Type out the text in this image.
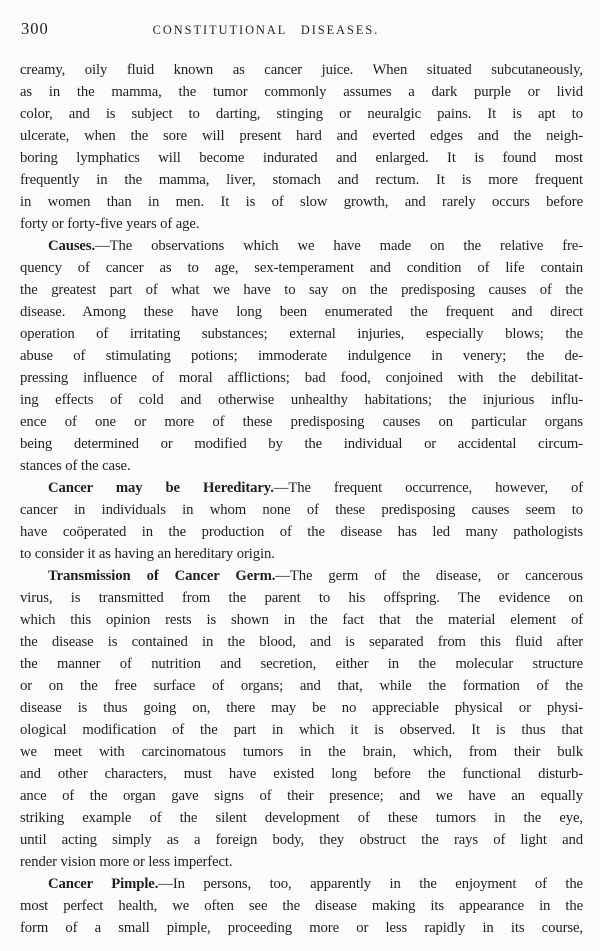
300	CONSTITUTIONAL DISEASES.
creamy, oily fluid known as cancer juice. When situated subcutaneously,
as in the mamma, the tumor commonly assumes a dark purple or livid
color, and is subject to darting, stinging or neuralgic pains. It is apt to
ulcerate, when the sore will present hard and everted edges and the neigh-
boring lymphatics will become indurated and enlarged. It is found most
frequently in the mamma, liver, stomach and rectum. It is more frequent
in women than in men. It is of slow growth, and rarely occurs before
forty or forty-five years of age.
Causes.—The observations which we have made on the relative fre-
quency of cancer as to age, sex-temperament and condition of life contain
the greatest part of what we have to say on the predisposing causes of the
disease. Among these have long been enumerated the frequent and direct
operation of irritating substances; external injuries, especially blows; the
abuse of stimulating potions; immoderate indulgence in venery; the de-
pressing influence of moral afflictions; bad food, conjoined with the debilitat-
ing effects of cold and otherwise unhealthy habitations; the injurious influ-
ence of one or more of these predisposing causes on particular organs
being determined or modified by the individual or accidental circum-
stances of the case.
Cancer may be Hereditary.—The frequent occurrence, however, of
cancer in individuals in whom none of these predisposing causes seem to
have coöperated in the production of the disease has led many pathologists
to consider it as having an hereditary origin.
Transmission of Cancer Germ.—The germ of the disease, or cancerous
virus, is transmitted from the parent to his offspring. The evidence on
which this opinion rests is shown in the fact that the material element of
the disease is contained in the blood, and is separated from this fluid after
the manner of nutrition and secretion, either in the molecular structure
or on the free surface of organs; and that, while the formation of the
disease is thus going on, there may be no appreciable physical or physi-
ological modification of the part in which it is observed. It is thus that
we meet with carcinomatous tumors in the brain, which, from their bulk
and other characters, must have existed long before the functional disturb-
ance of the organ gave signs of their presence; and we have an equally
striking example of the silent development of these tumors in the eye,
until acting simply as a foreign body, they obstruct the rays of light and
render vision more or less imperfect.
Cancer Pimple.—In persons, too, apparently in the enjoyment of the
most perfect health, we often see the disease making its appearance in the
form of a small pimple, proceeding more or less rapidly in its course,
